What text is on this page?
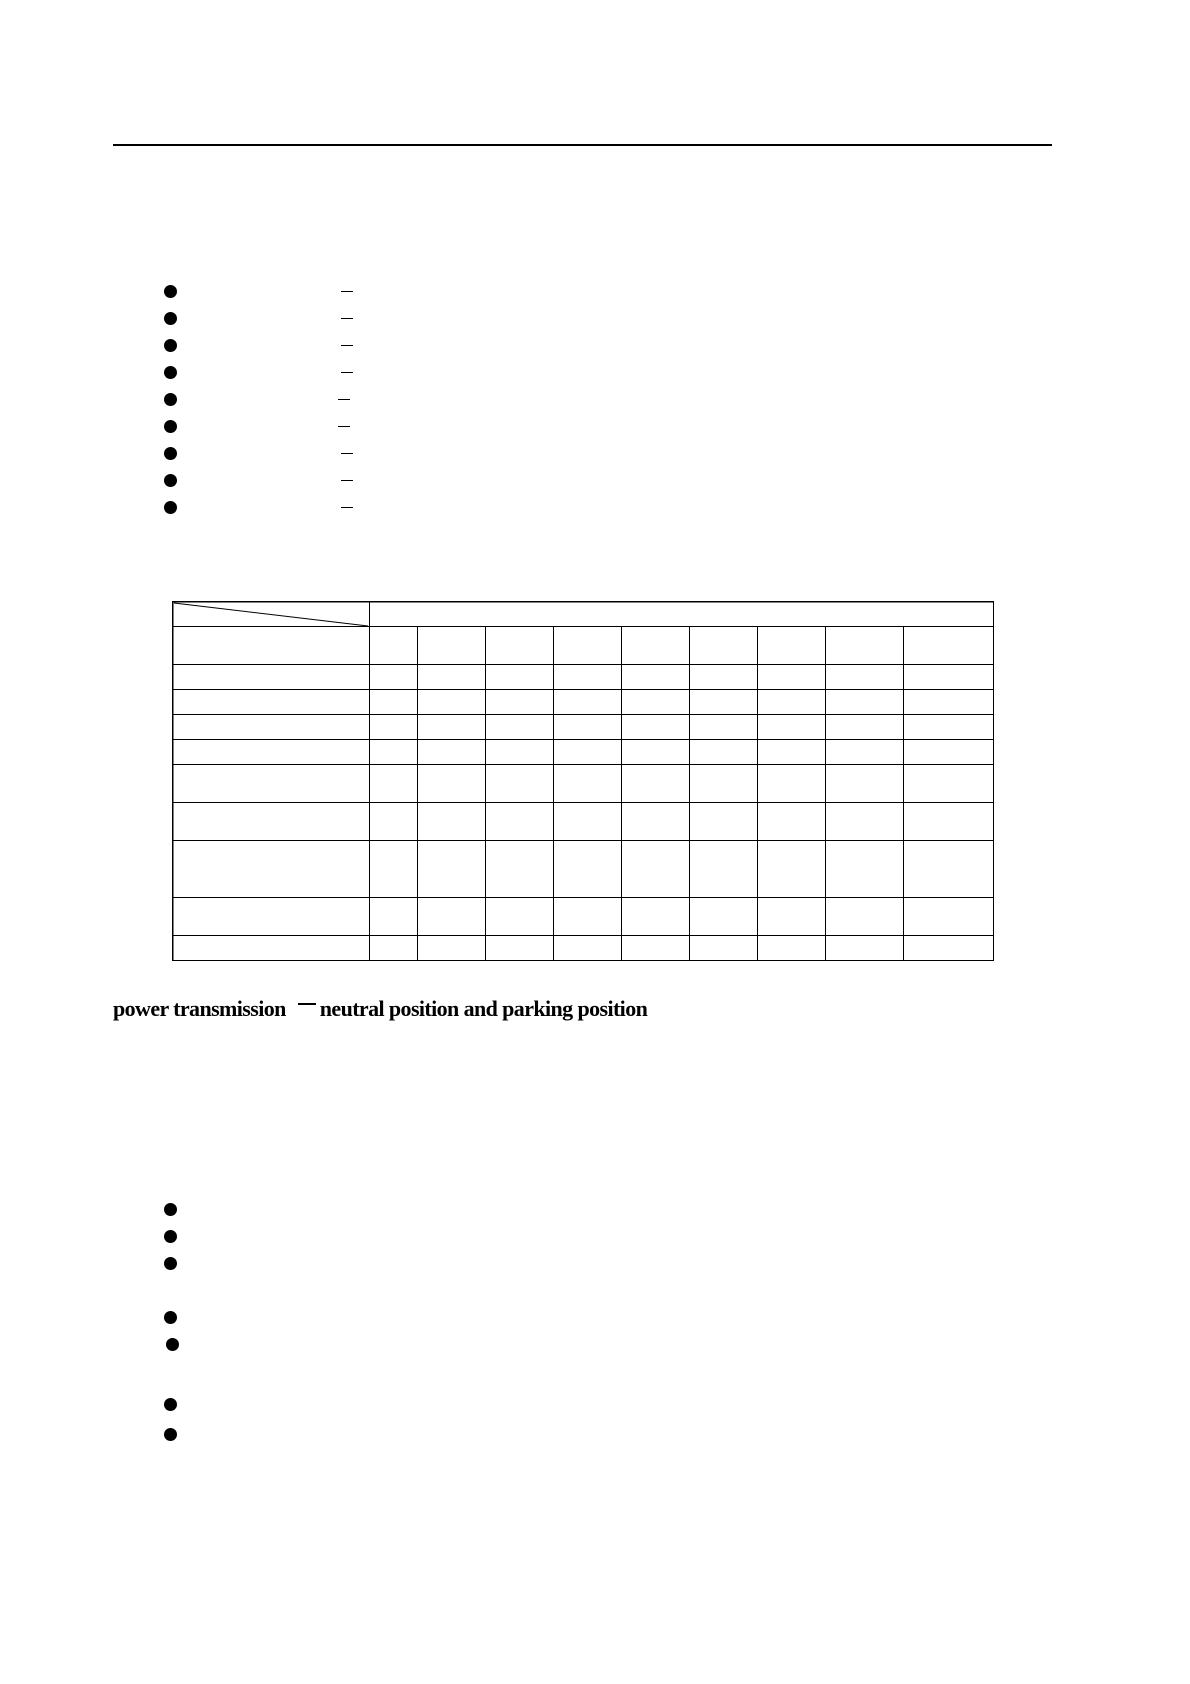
power transmission neutral position and parking position
